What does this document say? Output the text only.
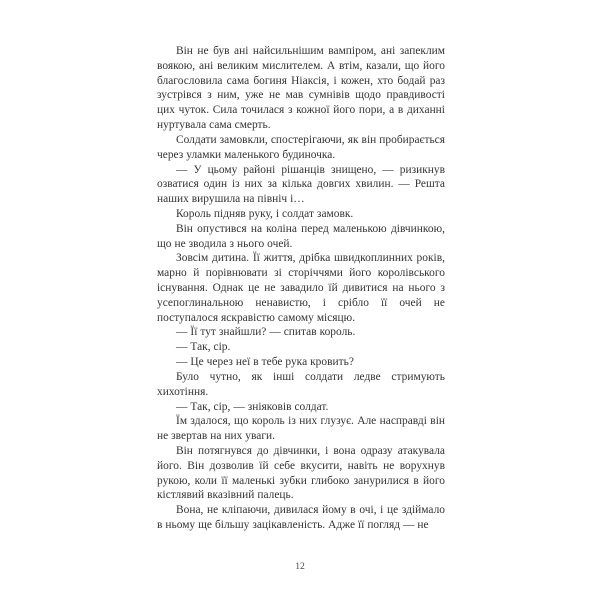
Він не був ані найсильнішим вампіром, ані запеклим воякою, ані великим мислителем. А втім, казали, що його благословила сама богиня Ніаксія, і кожен, хто бодай раз зустрівся з ним, уже не мав сумнівів щодо правдивості цих чуток. Сила точилася з кожної його пори, а в диханні нуртувала сама смерть.

Солдати замовкли, спостерігаючи, як він пробирається через уламки маленького будиночка.

— У цьому районі рішанців знищено, — ризикнув озватися один із них за кілька довгих хвилин. — Решта наших вирушила на північ і…

Король підняв руку, і солдат замовк.

Він опустився на коліна перед маленькою дівчинкою, що не зводила з нього очей.

Зовсім дитина. Її життя, дрібка швидкоплинних років, марно й порівнювати зі сторіччями його королівського існування. Однак це не завадило їй дивитися на нього з усепоглинальною ненавистю, і срібло її очей не поступалося яскравістю самому місяцю.

— Її тут знайшли? — спитав король.

— Так, сір.

— Це через неї в тебе рука кровить?

Було чутно, як інші солдати ледве стримують хихотіння.

— Так, сір, — зніяковів солдат.

Їм здалося, що король із них глузує. Але насправді він не звертав на них уваги.

Він потягнувся до дівчинки, і вона одразу атакувала його. Він дозволив їй себе вкусити, навіть не ворухнув рукою, коли її маленькі зубки глибоко занурилися в його кістлявий вказівний палець.

Вона, не кліпаючи, дивилася йому в очі, і це здіймало в ньому ще більшу зацікавленість. Адже її погляд — не

12
